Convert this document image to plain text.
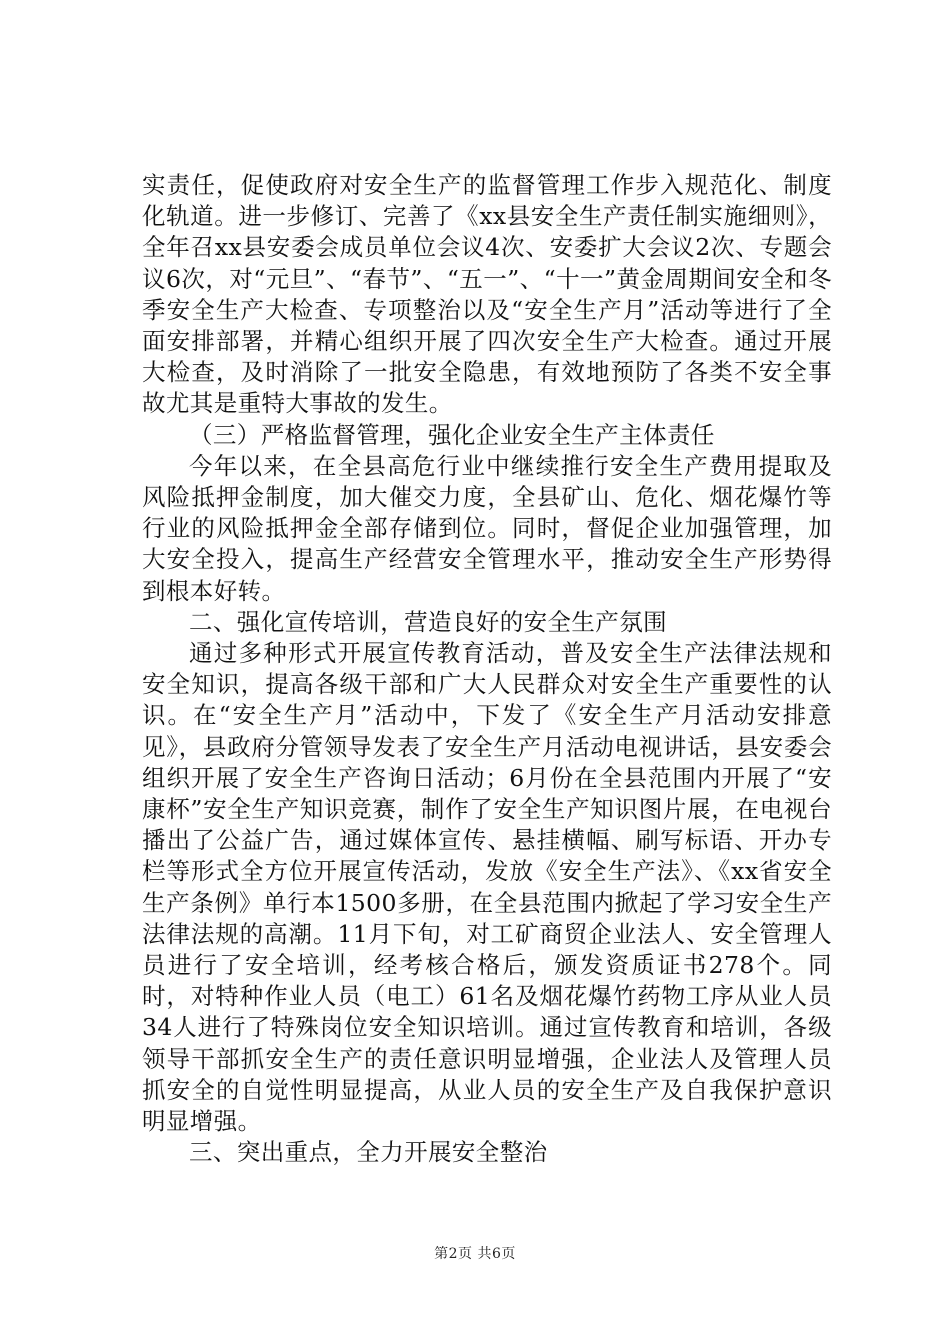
实责任，促使政府对安全生产的监督管理工作步入规范化、制度化轨道。进一步修订、完善了《xx县安全生产责任制实施细则》，全年召xx县安委会成员单位会议4次、安委扩大会议2次、专题会议6次，对“元旦”、“春节”、“五一”、“十一”黄金周期间安全和冬季安全生产大检查、专项整治以及“安全生产月”活动等进行了全面安排部署，并精心组织开展了四次安全生产大检查。通过开展大检查，及时消除了一批安全隐患，有效地预防了各类不安全事故尤其是重特大事故的发生。

（三）严格监督管理，强化企业安全生产主体责任

今年以来，在全县高危行业中继续推行安全生产费用提取及风险抵押金制度，加大催交力度，全县矿山、危化、烟花爆竹等行业的风险抵押金全部存储到位。同时，督促企业加强管理，加大安全投入，提高生产经营安全管理水平，推动安全生产形势得到根本好转。

二、强化宣传培训，营造良好的安全生产氛围

通过多种形式开展宣传教育活动，普及安全生产法律法规和安全知识，提高各级干部和广大人民群众对安全生产重要性的认识。在“安全生产月”活动中，下发了《安全生产月活动安排意见》，县政府分管领导发表了安全生产月活动电视讲话，县安委会组织开展了安全生产咨询日活动；6月份在全县范围内开展了“安康杯”安全生产知识竞赛，制作了安全生产知识图片展，在电视台播出了公益广告，通过媒体宣传、悬挂横幅、刷写标语、开办专栏等形式全方位开展宣传活动，发放《安全生产法》、《xx省安全生产条例》单行本1500多册，在全县范围内掀起了学习安全生产法律法规的高潮。11月下旬，对工矿商贸企业法人、安全管理人员进行了安全培训，经考核合格后，颁发资质证书278个。同时，对特种作业人员（电工）61名及烟花爆竹药物工序从业人员34人进行了特殊岗位安全知识培训。通过宣传教育和培训，各级领导干部抓安全生产的责任意识明显增强，企业法人及管理人员抓安全的自觉性明显提高，从业人员的安全生产及自我保护意识明显增强。

三、突出重点，全力开展安全整治

第2页 共6页
